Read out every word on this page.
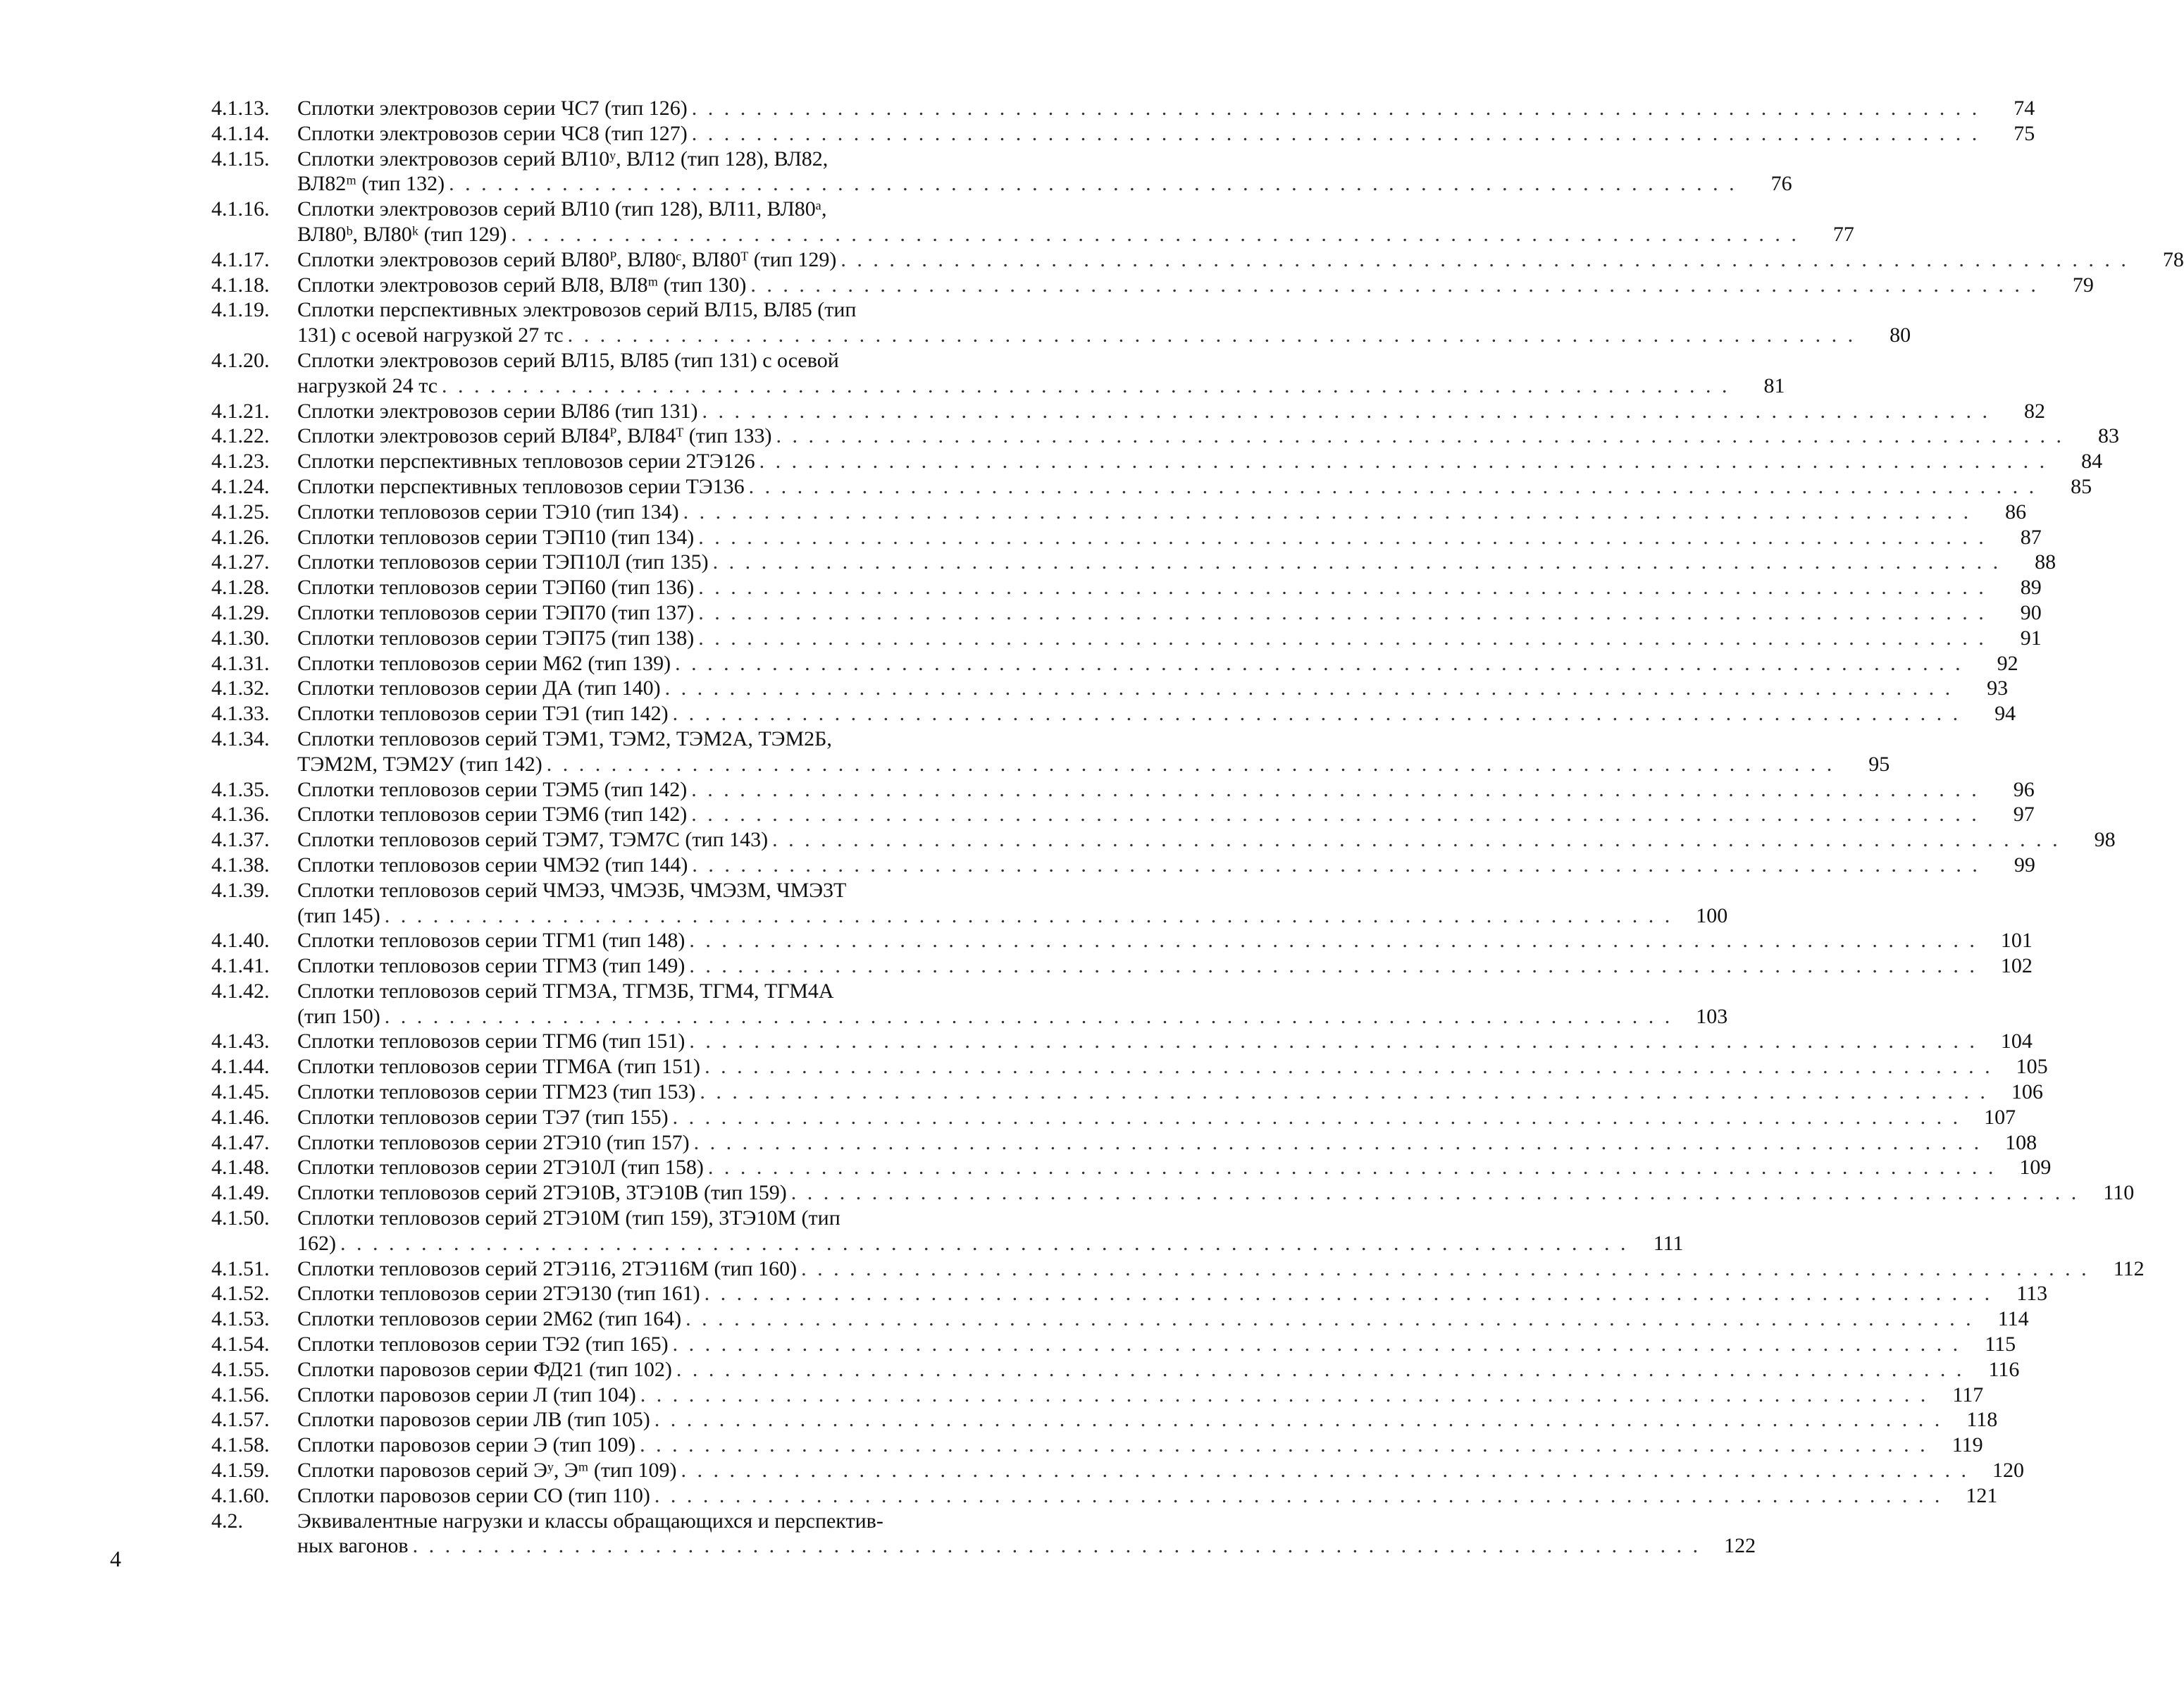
4.1.13.	Сплотки электровозов серии ЧС7 (тип 126) . . . . . . . . . . . . . . . . . . . . . . . . . . . . . . . . . . . . . . . . . . . . . . . . . . . . . . . . . . . . . . . . . . . . . . . . . . . . . . . .	74
4.1.14.	Сплотки электровозов серии ЧС8 (тип 127) . . . . . . . . . . . . . . . . . . . . . . . . . . . . . . . . . . . . . . . . . . . . . . . . . . . . . . . . . . . . . . . . . . . . . . . . . . . . . . . .	75
4.1.15.	Сплотки электровозов серий ВЛ10ʸ, ВЛ12 (тип 128), ВЛ82,
ВЛ82ᵐ (тип 132) . . . . . . . . . . . . . . . . . . . . . . . . . . . . . . . . . . . . . . . . . . . . . . . . . . . . . . . . . . . . . . . . . . . . . . . . . . . . . . . .	76
4.1.16.	Сплотки электровозов серий ВЛ10 (тип 128), ВЛ11, ВЛ80ᵃ,
ВЛ80ᵇ, ВЛ80ᵏ (тип 129) . . . . . . . . . . . . . . . . . . . . . . . . . . . . . . . . . . . . . . . . . . . . . . . . . . . . . . . . . . . . . . . . . . . . . . . . . . . . . . . .	77
4.1.17.	Сплотки электровозов серий ВЛ80ᴾ, ВЛ80ᶜ, ВЛ80ᵀ (тип 129) . . . . . . . . . . . . . . . . . . . . . . . . . . . . . . . . . . . . . . . . . . . . . . . . . . . . . . . . . . . . . . . . . . . . . . . . . . . . . . . .	78
4.1.18.	Сплотки электровозов серий ВЛ8, ВЛ8ᵐ (тип 130) . . . . . . . . . . . . . . . . . . . . . . . . . . . . . . . . . . . . . . . . . . . . . . . . . . . . . . . . . . . . . . . . . . . . . . . . . . . . . . . .	79
4.1.19.	Сплотки перспективных электровозов серий ВЛ15, ВЛ85 (тип
131) с осевой нагрузкой 27 тс . . . . . . . . . . . . . . . . . . . . . . . . . . . . . . . . . . . . . . . . . . . . . . . . . . . . . . . . . . . . . . . . . . . . . . . . . . . . . . . .	80
4.1.20.	Сплотки электровозов серий ВЛ15, ВЛ85 (тип 131) с осевой
нагрузкой 24 тс . . . . . . . . . . . . . . . . . . . . . . . . . . . . . . . . . . . . . . . . . . . . . . . . . . . . . . . . . . . . . . . . . . . . . . . . . . . . . . . .	81
4.1.21.	Сплотки электровозов серии ВЛ86 (тип 131) . . . . . . . . . . . . . . . . . . . . . . . . . . . . . . . . . . . . . . . . . . . . . . . . . . . . . . . . . . . . . . . . . . . . . . . . . . . . . . . .	82
4.1.22.	Сплотки электровозов серий ВЛ84ᴾ, ВЛ84ᵀ (тип 133) . . . . . . . . . . . . . . . . . . . . . . . . . . . . . . . . . . . . . . . . . . . . . . . . . . . . . . . . . . . . . . . . . . . . . . . . . . . . . . . .	83
4.1.23.	Сплотки перспективных тепловозов серии 2ТЭ126 . . . . . . . . . . . . . . . . . . . . . . . . . . . . . . . . . . . . . . . . . . . . . . . . . . . . . . . . . . . . . . . . . . . . . . . . . . . . . . . .	84
4.1.24.	Сплотки перспективных тепловозов серии ТЭ136 . . . . . . . . . . . . . . . . . . . . . . . . . . . . . . . . . . . . . . . . . . . . . . . . . . . . . . . . . . . . . . . . . . . . . . . . . . . . . . . .	85
4.1.25.	Сплотки тепловозов серии ТЭ10 (тип 134) . . . . . . . . . . . . . . . . . . . . . . . . . . . . . . . . . . . . . . . . . . . . . . . . . . . . . . . . . . . . . . . . . . . . . . . . . . . . . . . .	86
4.1.26.	Сплотки тепловозов серии ТЭП10 (тип 134) . . . . . . . . . . . . . . . . . . . . . . . . . . . . . . . . . . . . . . . . . . . . . . . . . . . . . . . . . . . . . . . . . . . . . . . . . . . . . . . .	87
4.1.27.	Сплотки тепловозов серии ТЭП10Л (тип 135) . . . . . . . . . . . . . . . . . . . . . . . . . . . . . . . . . . . . . . . . . . . . . . . . . . . . . . . . . . . . . . . . . . . . . . . . . . . . . . . .	88
4.1.28.	Сплотки тепловозов серии ТЭП60 (тип 136) . . . . . . . . . . . . . . . . . . . . . . . . . . . . . . . . . . . . . . . . . . . . . . . . . . . . . . . . . . . . . . . . . . . . . . . . . . . . . . . .	89
4.1.29.	Сплотки тепловозов серии ТЭП70 (тип 137) . . . . . . . . . . . . . . . . . . . . . . . . . . . . . . . . . . . . . . . . . . . . . . . . . . . . . . . . . . . . . . . . . . . . . . . . . . . . . . . .	90
4.1.30.	Сплотки тепловозов серии ТЭП75 (тип 138) . . . . . . . . . . . . . . . . . . . . . . . . . . . . . . . . . . . . . . . . . . . . . . . . . . . . . . . . . . . . . . . . . . . . . . . . . . . . . . . .	91
4.1.31.	Сплотки тепловозов серии М62 (тип 139) . . . . . . . . . . . . . . . . . . . . . . . . . . . . . . . . . . . . . . . . . . . . . . . . . . . . . . . . . . . . . . . . . . . . . . . . . . . . . . . .	92
4.1.32.	Сплотки тепловозов серии ДА (тип 140) . . . . . . . . . . . . . . . . . . . . . . . . . . . . . . . . . . . . . . . . . . . . . . . . . . . . . . . . . . . . . . . . . . . . . . . . . . . . . . . .	93
4.1.33.	Сплотки тепловозов серии ТЭ1 (тип 142) . . . . . . . . . . . . . . . . . . . . . . . . . . . . . . . . . . . . . . . . . . . . . . . . . . . . . . . . . . . . . . . . . . . . . . . . . . . . . . . .	94
4.1.34.	Сплотки тепловозов серий ТЭМ1, ТЭМ2, ТЭМ2А, ТЭМ2Б,
ТЭМ2М, ТЭМ2У (тип 142) . . . . . . . . . . . . . . . . . . . . . . . . . . . . . . . . . . . . . . . . . . . . . . . . . . . . . . . . . . . . . . . . . . . . . . . . . . . . . . . .	95
4.1.35.	Сплотки тепловозов серии ТЭМ5 (тип 142) . . . . . . . . . . . . . . . . . . . . . . . . . . . . . . . . . . . . . . . . . . . . . . . . . . . . . . . . . . . . . . . . . . . . . . . . . . . . . . . .	96
4.1.36.	Сплотки тепловозов серии ТЭМ6 (тип 142) . . . . . . . . . . . . . . . . . . . . . . . . . . . . . . . . . . . . . . . . . . . . . . . . . . . . . . . . . . . . . . . . . . . . . . . . . . . . . . . .	97
4.1.37.	Сплотки тепловозов серий ТЭМ7, ТЭМ7С (тип 143) . . . . . . . . . . . . . . . . . . . . . . . . . . . . . . . . . . . . . . . . . . . . . . . . . . . . . . . . . . . . . . . . . . . . . . . . . . . . . . . .	98
4.1.38.	Сплотки тепловозов серии ЧМЭ2 (тип 144) . . . . . . . . . . . . . . . . . . . . . . . . . . . . . . . . . . . . . . . . . . . . . . . . . . . . . . . . . . . . . . . . . . . . . . . . . . . . . . . .	99
4.1.39.	Сплотки тепловозов серий ЧМЭ3, ЧМЭ3Б, ЧМЭ3М, ЧМЭ3Т
(тип 145) . . . . . . . . . . . . . . . . . . . . . . . . . . . . . . . . . . . . . . . . . . . . . . . . . . . . . . . . . . . . . . . . . . . . . . . . . . . . . . . .	100
4.1.40.	Сплотки тепловозов серии ТГМ1 (тип 148) . . . . . . . . . . . . . . . . . . . . . . . . . . . . . . . . . . . . . . . . . . . . . . . . . . . . . . . . . . . . . . . . . . . . . . . . . . . . . . . .	101
4.1.41.	Сплотки тепловозов серии ТГМ3 (тип 149) . . . . . . . . . . . . . . . . . . . . . . . . . . . . . . . . . . . . . . . . . . . . . . . . . . . . . . . . . . . . . . . . . . . . . . . . . . . . . . . .	102
4.1.42.	Сплотки тепловозов серий ТГМ3А, ТГМ3Б, ТГМ4, ТГМ4А
(тип 150) . . . . . . . . . . . . . . . . . . . . . . . . . . . . . . . . . . . . . . . . . . . . . . . . . . . . . . . . . . . . . . . . . . . . . . . . . . . . . . . .	103
4.1.43.	Сплотки тепловозов серии ТГМ6 (тип 151) . . . . . . . . . . . . . . . . . . . . . . . . . . . . . . . . . . . . . . . . . . . . . . . . . . . . . . . . . . . . . . . . . . . . . . . . . . . . . . . .	104
4.1.44.	Сплотки тепловозов серии ТГМ6А (тип 151) . . . . . . . . . . . . . . . . . . . . . . . . . . . . . . . . . . . . . . . . . . . . . . . . . . . . . . . . . . . . . . . . . . . . . . . . . . . . . . . .	105
4.1.45.	Сплотки тепловозов серии ТГМ23 (тип 153) . . . . . . . . . . . . . . . . . . . . . . . . . . . . . . . . . . . . . . . . . . . . . . . . . . . . . . . . . . . . . . . . . . . . . . . . . . . . . . . .	106
4.1.46.	Сплотки тепловозов серии ТЭ7 (тип 155) . . . . . . . . . . . . . . . . . . . . . . . . . . . . . . . . . . . . . . . . . . . . . . . . . . . . . . . . . . . . . . . . . . . . . . . . . . . . . . . .	107
4.1.47.	Сплотки тепловозов серии 2ТЭ10 (тип 157) . . . . . . . . . . . . . . . . . . . . . . . . . . . . . . . . . . . . . . . . . . . . . . . . . . . . . . . . . . . . . . . . . . . . . . . . . . . . . . . .	108
4.1.48.	Сплотки тепловозов серии 2ТЭ10Л (тип 158) . . . . . . . . . . . . . . . . . . . . . . . . . . . . . . . . . . . . . . . . . . . . . . . . . . . . . . . . . . . . . . . . . . . . . . . . . . . . . . . .	109
4.1.49.	Сплотки тепловозов серий 2ТЭ10В, 3ТЭ10В (тип 159) . . . . . . . . . . . . . . . . . . . . . . . . . . . . . . . . . . . . . . . . . . . . . . . . . . . . . . . . . . . . . . . . . . . . . . . . . . . . . . . .	110
4.1.50.	Сплотки тепловозов серий 2ТЭ10М (тип 159), 3ТЭ10М (тип
162) . . . . . . . . . . . . . . . . . . . . . . . . . . . . . . . . . . . . . . . . . . . . . . . . . . . . . . . . . . . . . . . . . . . . . . . . . . . . . . . .	111
4.1.51.	Сплотки тепловозов серий 2ТЭ116, 2ТЭ116М (тип 160) . . . . . . . . . . . . . . . . . . . . . . . . . . . . . . . . . . . . . . . . . . . . . . . . . . . . . . . . . . . . . . . . . . . . . . . . . . . . . . . .	112
4.1.52.	Сплотки тепловозов серии 2ТЭ130 (тип 161) . . . . . . . . . . . . . . . . . . . . . . . . . . . . . . . . . . . . . . . . . . . . . . . . . . . . . . . . . . . . . . . . . . . . . . . . . . . . . . . .	113
4.1.53.	Сплотки тепловозов серии 2М62 (тип 164) . . . . . . . . . . . . . . . . . . . . . . . . . . . . . . . . . . . . . . . . . . . . . . . . . . . . . . . . . . . . . . . . . . . . . . . . . . . . . . . .	114
4.1.54.	Сплотки тепловозов серии ТЭ2 (тип 165) . . . . . . . . . . . . . . . . . . . . . . . . . . . . . . . . . . . . . . . . . . . . . . . . . . . . . . . . . . . . . . . . . . . . . . . . . . . . . . . .	115
4.1.55.	Сплотки паровозов серии ФД21 (тип 102) . . . . . . . . . . . . . . . . . . . . . . . . . . . . . . . . . . . . . . . . . . . . . . . . . . . . . . . . . . . . . . . . . . . . . . . . . . . . . . . .	116
4.1.56.	Сплотки паровозов серии Л (тип 104) . . . . . . . . . . . . . . . . . . . . . . . . . . . . . . . . . . . . . . . . . . . . . . . . . . . . . . . . . . . . . . . . . . . . . . . . . . . . . . . .	117
4.1.57.	Сплотки паровозов серии ЛВ (тип 105) . . . . . . . . . . . . . . . . . . . . . . . . . . . . . . . . . . . . . . . . . . . . . . . . . . . . . . . . . . . . . . . . . . . . . . . . . . . . . . . .	118
4.1.58.	Сплотки паровозов серии Э (тип 109) . . . . . . . . . . . . . . . . . . . . . . . . . . . . . . . . . . . . . . . . . . . . . . . . . . . . . . . . . . . . . . . . . . . . . . . . . . . . . . . .	119
4.1.59.	Сплотки паровозов серий Эʸ, Эᵐ (тип 109) . . . . . . . . . . . . . . . . . . . . . . . . . . . . . . . . . . . . . . . . . . . . . . . . . . . . . . . . . . . . . . . . . . . . . . . . . . . . . . . .	120
4.1.60.	Сплотки паровозов серии СО (тип 110) . . . . . . . . . . . . . . . . . . . . . . . . . . . . . . . . . . . . . . . . . . . . . . . . . . . . . . . . . . . . . . . . . . . . . . . . . . . . . . . .	121
4.2.	Эквивалентные нагрузки и классы обращающихся и перспектив-
ных вагонов . . . . . . . . . . . . . . . . . . . . . . . . . . . . . . . . . . . . . . . . . . . . . . . . . . . . . . . . . . . . . . . . . . . . . . . . . . . . . . . .	122
4
